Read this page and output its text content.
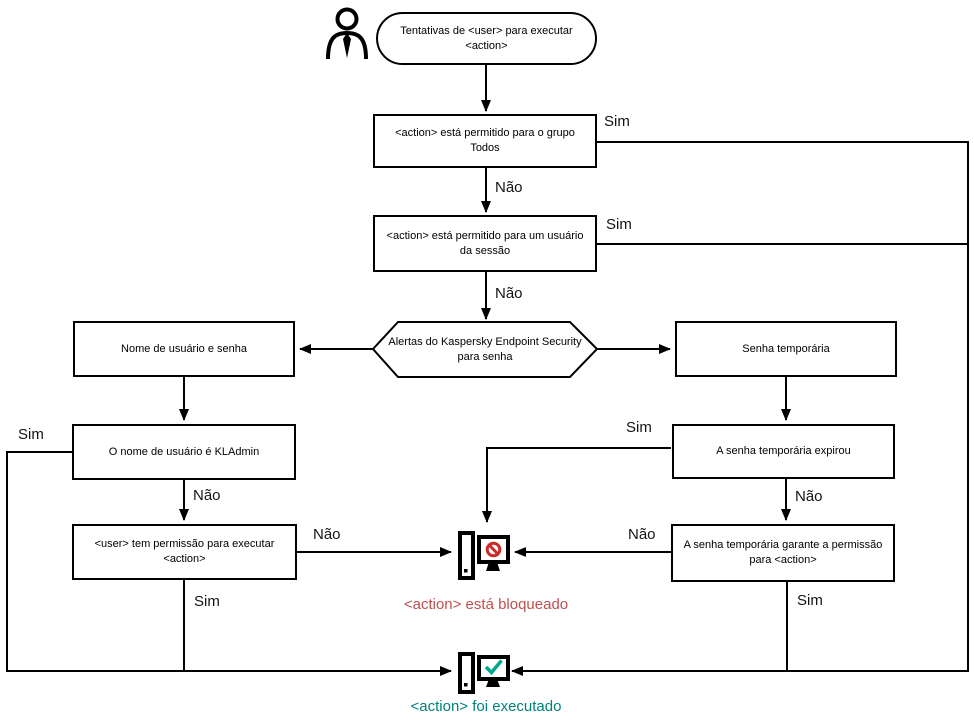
Tentativas de <user> para executar <action>
<action> está permitido para o grupo Todos
<action> está permitido para um usuário da sessão
Alertas do Kaspersky Endpoint Security para senha
Nome de usuário e senha	Senha temporária
O nome de usuário é KLAdmin
<user> tem permissão para executar <action>
A senha temporária expirou
A senha temporária garante a permissão para <action>
Sim
Não
Sim
Não
Sim
Não
Não
Sim
Sim
Não
Não
Sim
<action> está bloqueado
<action> foi executado
